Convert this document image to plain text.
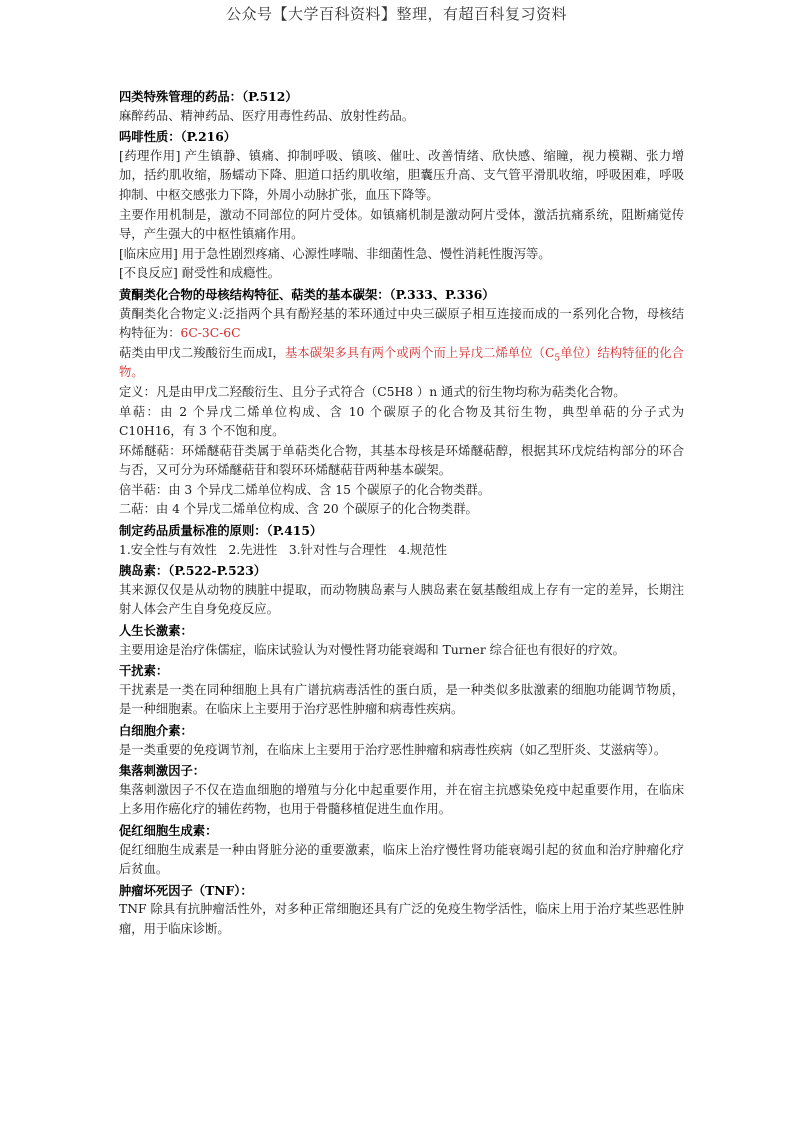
公众号【大学百科资料】整理，有超百科复习资料
四类特殊管理的药品：（P.512）

麻醉药品、精神药品、医疗用毒性药品、放射性药品。

吗啡性质：（P.216）

[药理作用] 产生镇静、镇痛、抑制呼吸、镇咳、催吐、改善情绪、欣快感、缩瞳，视力模糊、张力增加，括约肌收缩，肠蠕动下降、胆道口括约肌收缩，胆囊压升高、支气管平滑肌收缩，呼吸困难，呼吸抑制、中枢交感张力下降，外周小动脉扩张，血压下降等。

主要作用机制是，激动不同部位的阿片受体。如镇痛机制是激动阿片受体，激活抗痛系统，阻断痛觉传导，产生强大的中枢性镇痛作用。

[临床应用] 用于急性剧烈疼痛、心源性哮喘、非细菌性急、慢性消耗性腹泻等。

[不良反应] 耐受性和成瘾性。

黄酮类化合物的母核结构特征、萜类的基本碳架：（P.333、P.336）

黄酮类化合物定义:泛指两个具有酚羟基的苯环通过中央三碳原子相互连接而成的一系列化合物，母核结构特征为：6C-3C-6C

萜类由甲戊二羧酸衍生而成I，基本碳架多具有两个或两个而上异戊二烯单位（$C_5$单位）结构特征的化合物。

定义：凡是由甲戊二羟酸衍生、且分子式符合（C5H8 ）n 通式的衍生物均称为萜类化合物。

单萜：由 2 个异戊二烯单位构成、含 10 个碳原子的化合物及其衍生物，典型单萜的分子式为 C10H16，有 3 个不饱和度。

环烯醚萜：环烯醚萜苷类属于单萜类化合物，其基本母核是环烯醚萜醇，根据其环戊烷结构部分的环合与否，又可分为环烯醚萜苷和裂环环烯醚萜苷两种基本碳架。

倍半萜：由 3 个异戊二烯单位构成、含 15 个碳原子的化合物类群。

二萜：由 4 个异戊二烯单位构成、含 20 个碳原子的化合物类群。

制定药品质量标准的原则：（P.415）

1.安全性与有效性   2.先进性   3.针对性与合理性   4.规范性

胰岛素：（P.522-P.523）

其来源仅仅是从动物的胰脏中提取，而动物胰岛素与人胰岛素在氨基酸组成上存有一定的差异，长期注射人体会产生自身免疫反应。

人生长激素：

主要用途是治疗侏儒症，临床试验认为对慢性肾功能衰竭和 Turner 综合征也有很好的疗效。

干扰素：

干扰素是一类在同种细胞上具有广谱抗病毒活性的蛋白质，是一种类似多肽激素的细胞功能调节物质，是一种细胞素。在临床上主要用于治疗恶性肿瘤和病毒性疾病。

白细胞介素：

是一类重要的免疫调节剂，在临床上主要用于治疗恶性肿瘤和病毒性疾病（如乙型肝炎、艾滋病等）。

集落刺激因子：

集落刺激因子不仅在造血细胞的增殖与分化中起重要作用，并在宿主抗感染免疫中起重要作用，在临床上多用作癌化疗的辅佐药物，也用于骨髓移植促进生血作用。

促红细胞生成素：

促红细胞生成素是一种由肾脏分泌的重要激素，临床上治疗慢性肾功能衰竭引起的贫血和治疗肿瘤化疗后贫血。

肿瘤坏死因子（TNF）：

TNF 除具有抗肿瘤活性外，对多种正常细胞还具有广泛的免疫生物学活性，临床上用于治疗某些恶性肿瘤，用于临床诊断。
